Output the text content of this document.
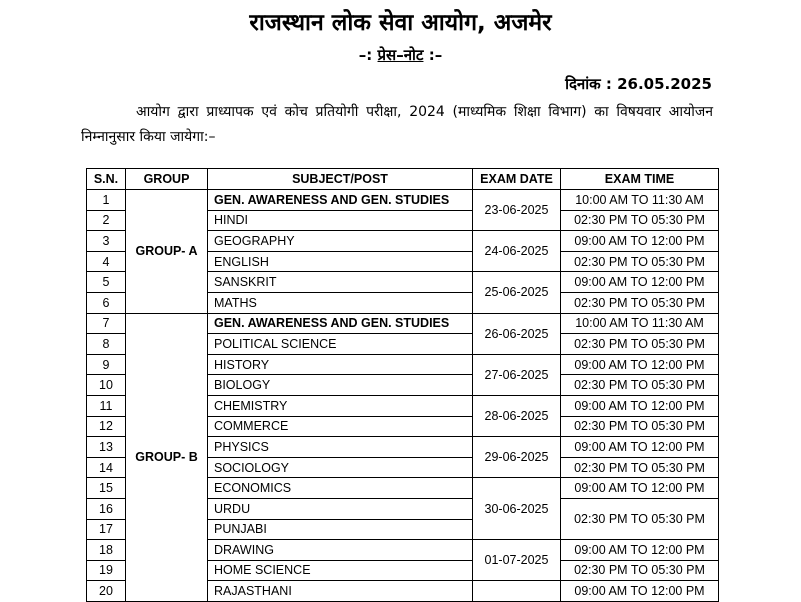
राजस्थान लोक सेवा आयोग, अजमेर
–: प्रेस–नोट :–
दिनांक : 26.05.2025
आयोग द्वारा प्राध्यापक एवं कोच प्रतियोगी परीक्षा, 2024 (माध्यमिक शिक्षा विभाग) का विषयवार आयोजन निम्नानुसार किया जायेगा:–
S.N.	GROUP	SUBJECT/POST	EXAM DATE	EXAM TIME
1	GROUP- A	GEN. AWARENESS AND GEN. STUDIES	23-06-2025	10:00 AM TO 11:30 AM
2		HINDI		02:30 PM TO 05:30 PM
3		GEOGRAPHY	24-06-2025	09:00 AM TO 12:00 PM
4		ENGLISH		02:30 PM TO 05:30 PM
5		SANSKRIT	25-06-2025	09:00 AM TO 12:00 PM
6		MATHS		02:30 PM TO 05:30 PM
7	GROUP- B	GEN. AWARENESS AND GEN. STUDIES	26-06-2025	10:00 AM TO 11:30 AM
8		POLITICAL SCIENCE		02:30 PM TO 05:30 PM
9		HISTORY	27-06-2025	09:00 AM TO 12:00 PM
10		BIOLOGY		02:30 PM TO 05:30 PM
11		CHEMISTRY	28-06-2025	09:00 AM TO 12:00 PM
12		COMMERCE		02:30 PM TO 05:30 PM
13		PHYSICS	29-06-2025	09:00 AM TO 12:00 PM
14		SOCIOLOGY		02:30 PM TO 05:30 PM
15		ECONOMICS	30-06-2025	09:00 AM TO 12:00 PM
16		URDU		02:30 PM TO 05:30 PM
17		PUNJABI		
18		DRAWING	01-07-2025	09:00 AM TO 12:00 PM
19		HOME SCIENCE		02:30 PM TO 05:30 PM
20		RAJASTHANI		09:00 AM TO 12:00 PM
